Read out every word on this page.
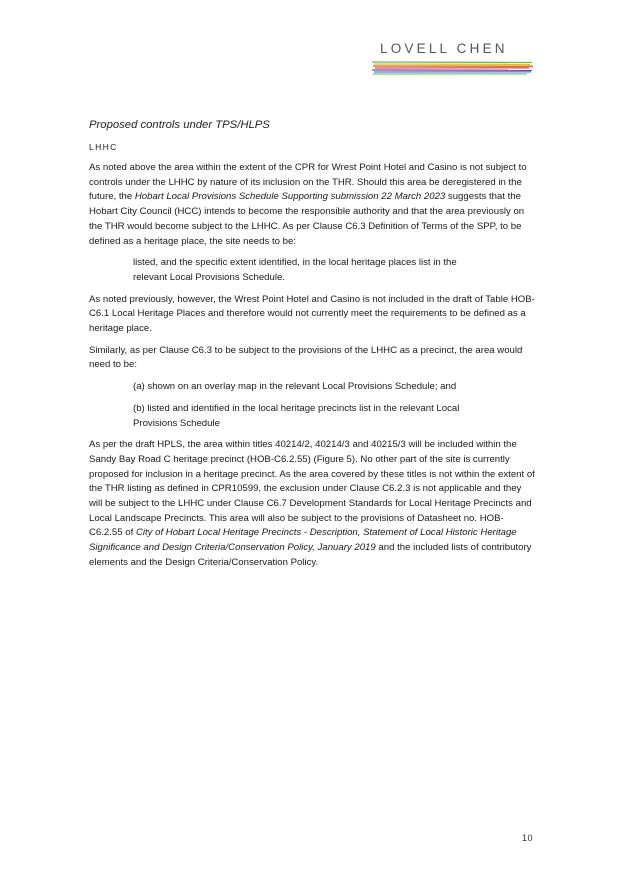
LOVELL CHEN
Proposed controls under TPS/HLPS
LHHC

As noted above the area within the extent of the CPR for Wrest Point Hotel and Casino is not subject to controls under the LHHC by nature of its inclusion on the THR. Should this area be deregistered in the future, the Hobart Local Provisions Schedule Supporting submission 22 March 2023 suggests that the Hobart City Council (HCC) intends to become the responsible authority and that the area previously on the THR would become subject to the LHHC. As per Clause C6.3 Definition of Terms of the SPP, to be defined as a heritage place, the site needs to be:

listed, and the specific extent identified, in the local heritage places list in the relevant Local Provisions Schedule.

As noted previously, however, the Wrest Point Hotel and Casino is not included in the draft of Table HOB-C6.1 Local Heritage Places and therefore would not currently meet the requirements to be defined as a heritage place.

Similarly, as per Clause C6.3 to be subject to the provisions of the LHHC as a precinct, the area would need to be:

(a) shown on an overlay map in the relevant Local Provisions Schedule; and
(b) listed and identified in the local heritage precincts list in the relevant Local Provisions Schedule

As per the draft HPLS, the area within titles 40214/2, 40214/3 and 40215/3 will be included within the Sandy Bay Road C heritage precinct (HOB-C6.2.55) (Figure 5). No other part of the site is currently proposed for inclusion in a heritage precinct. As the area covered by these titles is not within the extent of the THR listing as defined in CPR10599, the exclusion under Clause C6.2.3 is not applicable and they will be subject to the LHHC under Clause C6.7 Development Standards for Local Heritage Precincts and Local Landscape Precincts. This area will also be subject to the provisions of Datasheet no. HOB-C6.2.55 of City of Hobart Local Heritage Precincts - Description, Statement of Local Historic Heritage Significance and Design Criteria/Conservation Policy, January 2019 and the included lists of contributory elements and the Design Criteria/Conservation Policy.

10
